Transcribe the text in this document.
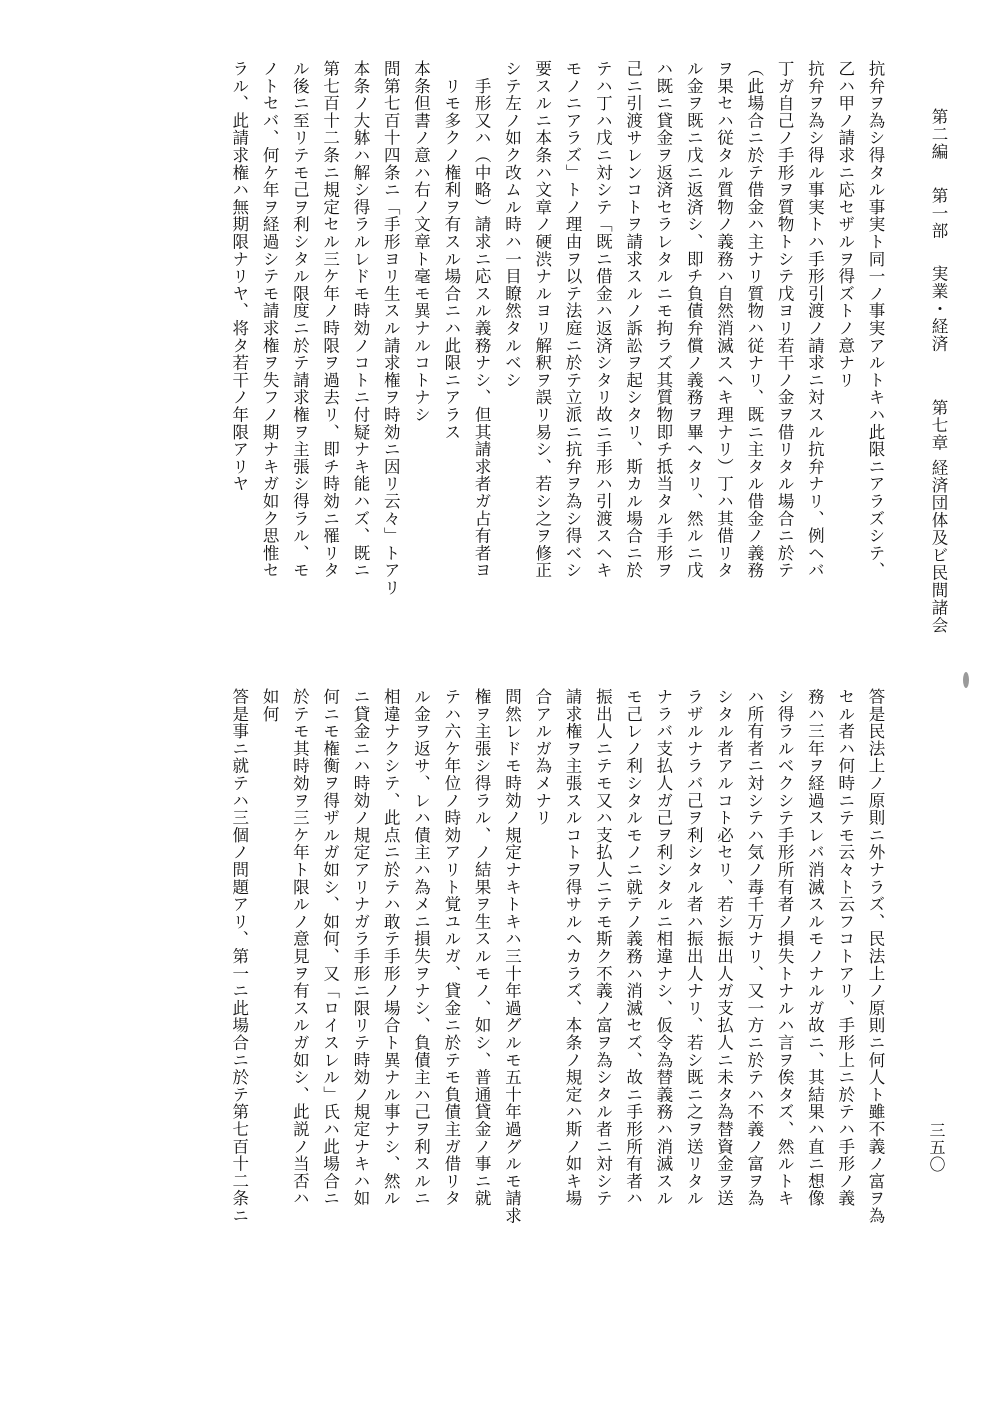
第二編第一部実業・経済第七章経済団体及ビ民間諸会
三五〇
抗弁ヲ為シ得タル事実ト同一ノ事実アルトキハ此限ニアラズシテ、
乙ハ甲ノ請求ニ応セザルヲ得ズトノ意ナリ
抗弁ヲ為シ得ル事実トハ手形引渡ノ請求ニ対スル抗弁ナリ、例ヘバ
丁ガ自己ノ手形ヲ質物トシテ戊ヨリ若干ノ金ヲ借リタル場合ニ於テ
（此場合ニ於テ借金ハ主ナリ質物ハ従ナリ、既ニ主タル借金ノ義務
ヲ果セハ従タル質物ノ義務ハ自然消滅スヘキ理ナリ）丁ハ其借リタ
ル金ヲ既ニ戊ニ返済シ、即チ負債弁償ノ義務ヲ畢ヘタリ、然ルニ戊
ハ既ニ貸金ヲ返済セラレタルニモ拘ラズ其質物即チ抵当タル手形ヲ
己ニ引渡サレンコトヲ請求スルノ訴訟ヲ起シタリ、斯カル場合ニ於
テハ丁ハ戊ニ対シテ「既ニ借金ハ返済シタリ故ニ手形ハ引渡スヘキ
モノニアラズ」トノ理由ヲ以テ法庭ニ於テ立派ニ抗弁ヲ為シ得ベシ
要スルニ本条ハ文章ノ硬渋ナルヨリ解釈ヲ誤リ易シ、若シ之ヲ修正
シテ左ノ如ク改ムル時ハ一目瞭然タルベシ
　手形又ハ（中略）請求ニ応スル義務ナシ、但其請求者ガ占有者ヨ
　リモ多クノ権利ヲ有スル場合ニハ此限ニアラス
本条但書ノ意ハ右ノ文章ト毫モ異ナルコトナシ
問第七百十四条ニ「手形ヨリ生スル請求権ヲ時効ニ因リ云々」トアリ
本条ノ大躰ハ解シ得ラルレドモ時効ノコトニ付疑ナキ能ハズ、既ニ
第七百十二条ニ規定セル三ケ年ノ時限ヲ過去リ、即チ時効ニ罹リタ
ル後ニ至リテモ己ヲ利シタル限度ニ於テ請求権ヲ主張シ得ラル、モ
ノトセバ、何ケ年ヲ経過シテモ請求権ヲ失フノ期ナキガ如ク思惟セ
ラル、此請求権ハ無期限ナリヤ、将タ若干ノ年限アリヤ
答是民法上ノ原則ニ外ナラズ、民法上ノ原則ニ何人ト雖不義ノ富ヲ為
セル者ハ何時ニテモ云々ト云フコトアリ、手形上ニ於テハ手形ノ義
務ハ三年ヲ経過スレバ消滅スルモノナルガ故ニ、其結果ハ直ニ想像
シ得ラルベクシテ手形所有者ノ損失トナルハ言ヲ俟タズ、然ルトキ
ハ所有者ニ対シテハ気ノ毒千万ナリ、又一方ニ於テハ不義ノ富ヲ為
シタル者アルコト必セリ、若シ振出人ガ支払人ニ未タ為替資金ヲ送
ラザルナラバ己ヲ利シタル者ハ振出人ナリ、若シ既ニ之ヲ送リタル
ナラバ支払人ガ己ヲ利シタルニ相違ナシ、仮令為替義務ハ消滅スル
モ己レノ利シタルモノニ就テノ義務ハ消滅セズ、故ニ手形所有者ハ
振出人ニテモ又ハ支払人ニテモ斯ク不義ノ富ヲ為シタル者ニ対シテ
請求権ヲ主張スルコトヲ得サルヘカラズ、本条ノ規定ハ斯ノ如キ場
合アルガ為メナリ
問然レドモ時効ノ規定ナキトキハ三十年過グルモ五十年過グルモ請求
権ヲ主張シ得ラル、ノ結果ヲ生スルモノ、如シ、普通貸金ノ事ニ就
テハ六ケ年位ノ時効アリト覚ユルガ、貸金ニ於テモ負債主ガ借リタ
ル金ヲ返サ、レハ債主ハ為メニ損失ヲナシ、負債主ハ己ヲ利スルニ
相違ナクシテ、此点ニ於テハ敢テ手形ノ場合ト異ナル事ナシ、然ル
ニ貸金ニハ時効ノ規定アリナガラ手形ニ限リテ時効ノ規定ナキハ如
何ニモ権衡ヲ得ザルガ如シ、如何、又「ロイスレル」氏ハ此場合ニ
於テモ其時効ヲ三ケ年ト限ルノ意見ヲ有スルガ如シ、此説ノ当否ハ
如何
答是事ニ就テハ三個ノ問題アリ、第一ニ此場合ニ於テ第七百十二条ニ
